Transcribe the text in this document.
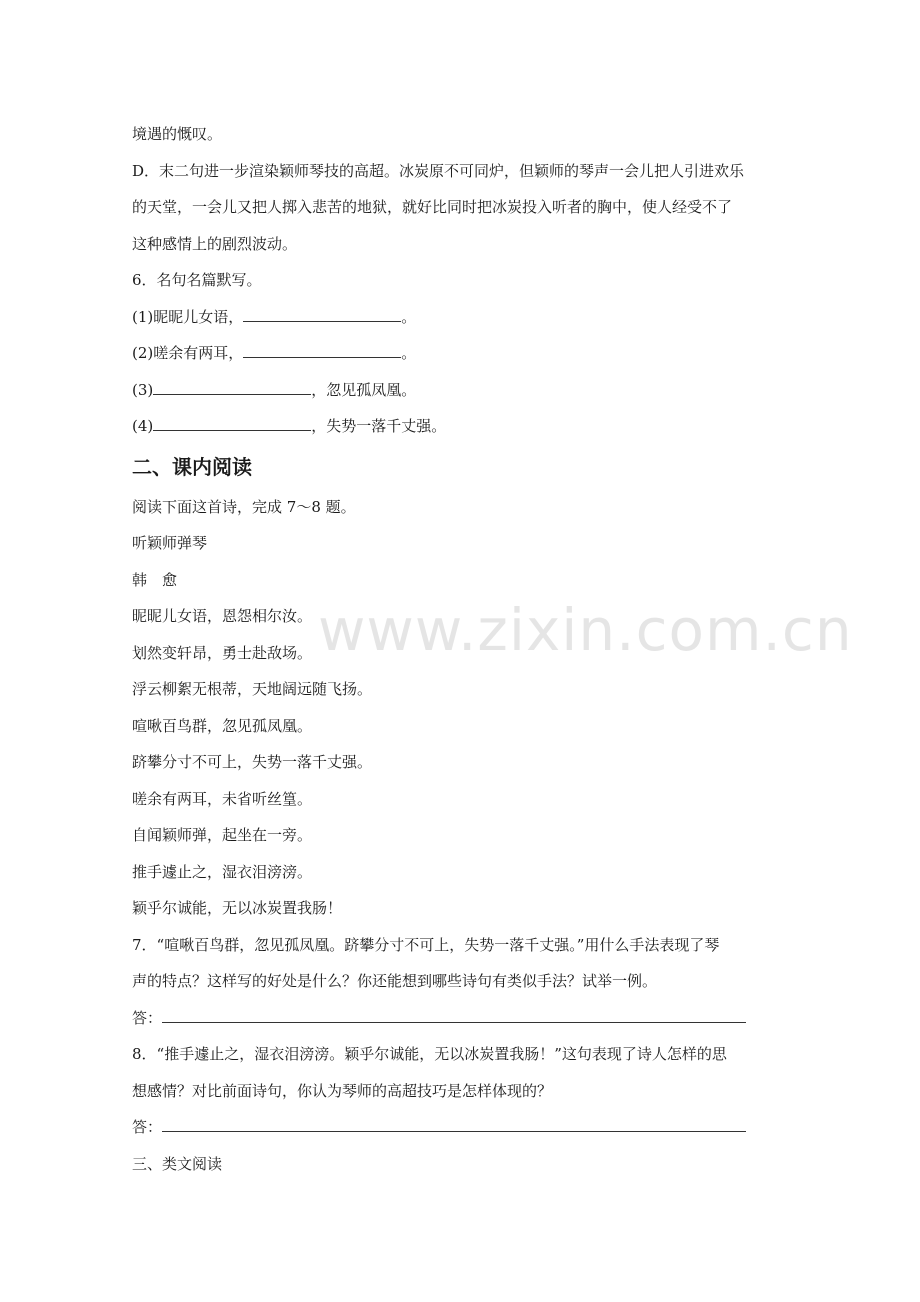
境遇的慨叹。
D．末二句进一步渲染颖师琴技的高超。冰炭原不可同炉，但颖师的琴声一会儿把人引进欢乐
的天堂，一会儿又把人掷入悲苦的地狱，就好比同时把冰炭投入听者的胸中，使人经受不了
这种感情上的剧烈波动。
6．名句名篇默写。
(1)昵昵儿女语，	。
(2)嗟余有两耳，	。
(3)	，忽见孤凤凰。
(4)	，失势一落千丈强。
二、课内阅读
阅读下面这首诗，完成 7～8 题。
听颖师弹琴
韩　愈
昵昵儿女语，恩怨相尔汝。
划然变轩昂，勇士赴敌场。
浮云柳絮无根蒂，天地阔远随飞扬。
喧啾百鸟群，忽见孤凤凰。
跻攀分寸不可上，失势一落千丈强。
嗟余有两耳，未省听丝篁。
自闻颖师弹，起坐在一旁。
推手遽止之，湿衣泪滂滂。
颖乎尔诚能，无以冰炭置我肠！
7．“喧啾百鸟群，忽见孤凤凰。跻攀分寸不可上，失势一落千丈强。”用什么手法表现了琴
声的特点？这样写的好处是什么？你还能想到哪些诗句有类似手法？试举一例。
答：
8．“推手遽止之，湿衣泪滂滂。颖乎尔诚能，无以冰炭置我肠！”这句表现了诗人怎样的思
想感情？对比前面诗句，你认为琴师的高超技巧是怎样体现的？
答：
三、类文阅读
www.zixin.com.cn
